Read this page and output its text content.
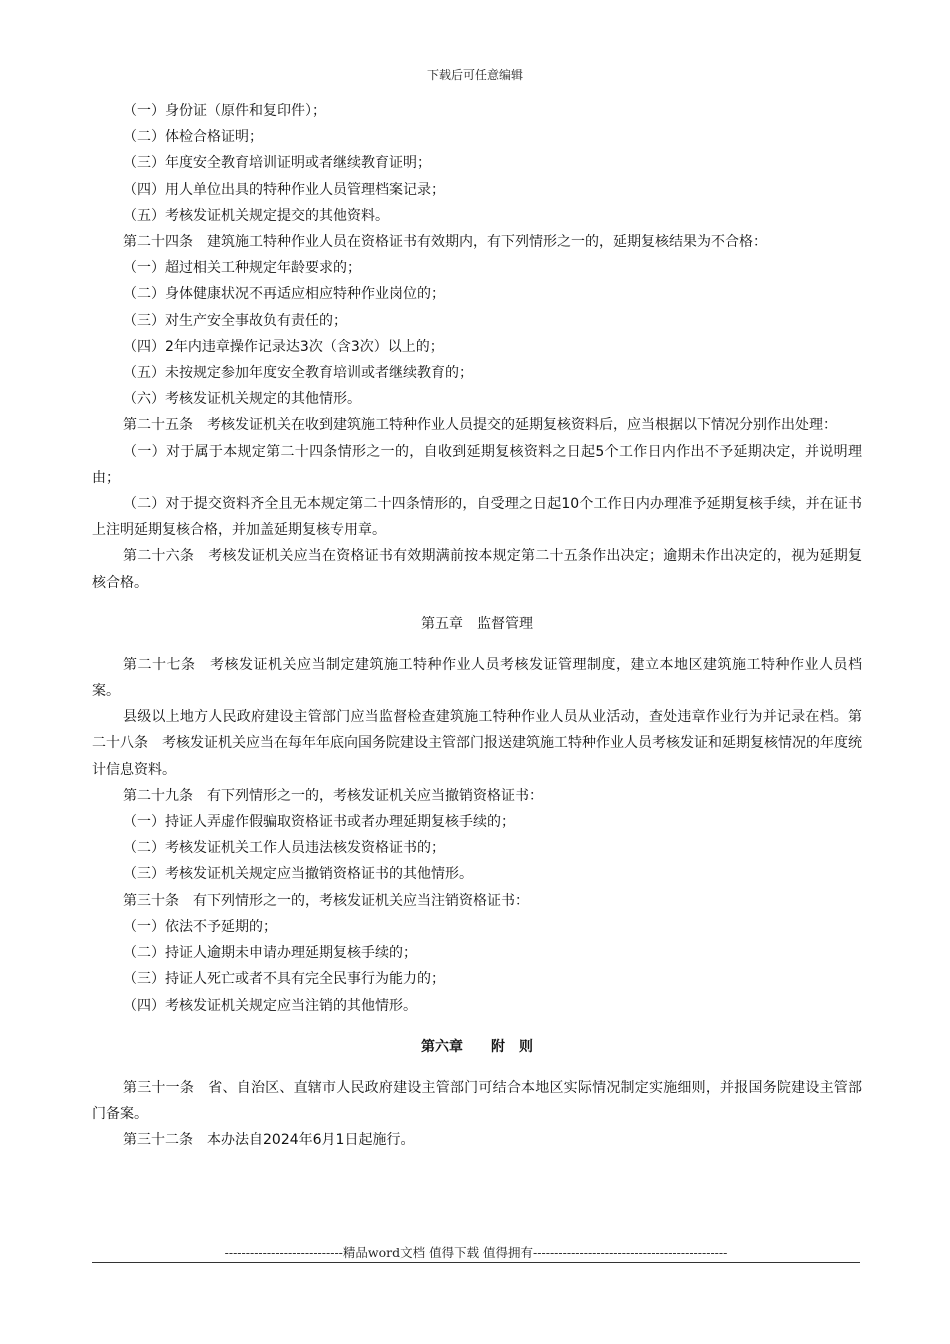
下载后可任意编辑
（一）身份证（原件和复印件）；
（二）体检合格证明；
（三）年度安全教育培训证明或者继续教育证明；
（四）用人单位出具的特种作业人员管理档案记录；
（五）考核发证机关规定提交的其他资料。
第二十四条　建筑施工特种作业人员在资格证书有效期内，有下列情形之一的，延期复核结果为不合格：
（一）超过相关工种规定年龄要求的；
（二）身体健康状况不再适应相应特种作业岗位的；
（三）对生产安全事故负有责任的；
（四）2年内违章操作记录达3次（含3次）以上的；
（五）未按规定参加年度安全教育培训或者继续教育的；
（六）考核发证机关规定的其他情形。
第二十五条　考核发证机关在收到建筑施工特种作业人员提交的延期复核资料后，应当根据以下情况分别作出处理：
（一）对于属于本规定第二十四条情形之一的，自收到延期复核资料之日起5个工作日内作出不予延期决定，并说明理由；
（二）对于提交资料齐全且无本规定第二十四条情形的，自受理之日起10个工作日内办理准予延期复核手续，并在证书上注明延期复核合格，并加盖延期复核专用章。
第二十六条　考核发证机关应当在资格证书有效期满前按本规定第二十五条作出决定；逾期未作出决定的，视为延期复核合格。
第五章　监督管理
第二十七条　考核发证机关应当制定建筑施工特种作业人员考核发证管理制度，建立本地区建筑施工特种作业人员档案。
县级以上地方人民政府建设主管部门应当监督检查建筑施工特种作业人员从业活动，查处违章作业行为并记录在档。第二十八条　考核发证机关应当在每年年底向国务院建设主管部门报送建筑施工特种作业人员考核发证和延期复核情况的年度统计信息资料。
第二十九条　有下列情形之一的，考核发证机关应当撤销资格证书：
（一）持证人弄虚作假骗取资格证书或者办理延期复核手续的；
（二）考核发证机关工作人员违法核发资格证书的；
（三）考核发证机关规定应当撤销资格证书的其他情形。
第三十条　有下列情形之一的，考核发证机关应当注销资格证书：
（一）依法不予延期的；
（二）持证人逾期未申请办理延期复核手续的；
（三）持证人死亡或者不具有完全民事行为能力的；
（四）考核发证机关规定应当注销的其他情形。
第六章　　附　则
第三十一条　省、自治区、直辖市人民政府建设主管部门可结合本地区实际情况制定实施细则，并报国务院建设主管部门备案。
第三十二条　本办法自2024年6月1日起施行。
----------------------------精品word文档 值得下载 值得拥有----------------------------------------------
